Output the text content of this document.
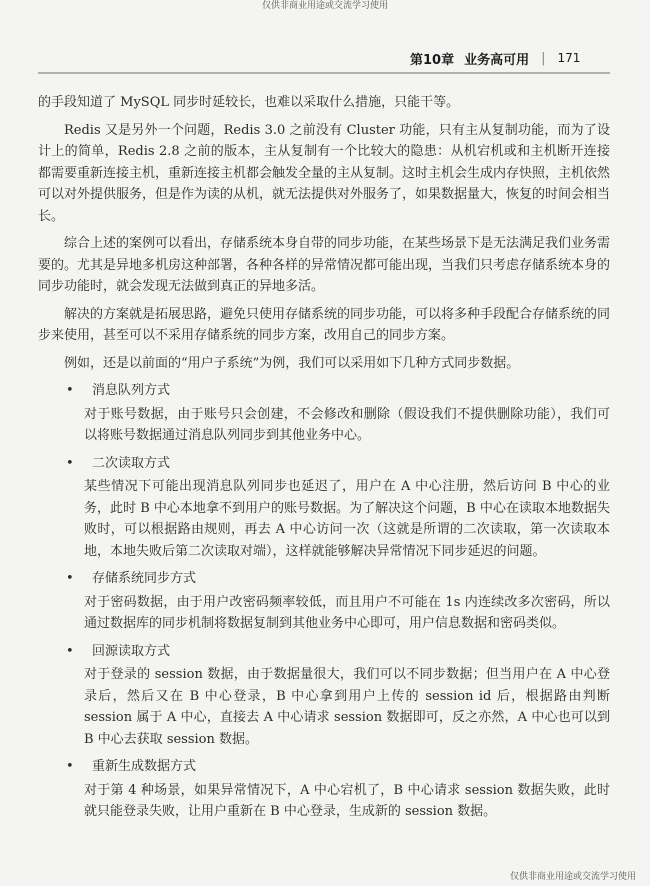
仅供非商业用途或交流学习使用
第10章 业务高可用 | 171

的手段知道了 MySQL 同步时延较长，也难以采取什么措施，只能干等。

Redis 又是另外一个问题，Redis 3.0 之前没有 Cluster 功能，只有主从复制功能，而为了设计上的简单，Redis 2.8 之前的版本，主从复制有一个比较大的隐患：从机宕机或和主机断开连接都需要重新连接主机，重新连接主机都会触发全量的主从复制。这时主机会生成内存快照，主机依然可以对外提供服务，但是作为读的从机，就无法提供对外服务了，如果数据量大，恢复的时间会相当长。

综合上述的案例可以看出，存储系统本身自带的同步功能，在某些场景下是无法满足我们业务需要的。尤其是异地多机房这种部署，各种各样的异常情况都可能出现，当我们只考虑存储系统本身的同步功能时，就会发现无法做到真正的异地多活。

解决的方案就是拓展思路，避免只使用存储系统的同步功能，可以将多种手段配合存储系统的同步来使用，甚至可以不采用存储系统的同步方案，改用自己的同步方案。

例如，还是以前面的“用户子系统”为例，我们可以采用如下几种方式同步数据。

•	消息队列方式
对于账号数据，由于账号只会创建，不会修改和删除（假设我们不提供删除功能），我们可以将账号数据通过消息队列同步到其他业务中心。
•	二次读取方式
某些情况下可能出现消息队列同步也延迟了，用户在 A 中心注册，然后访问 B 中心的业务，此时 B 中心本地拿不到用户的账号数据。为了解决这个问题，B 中心在读取本地数据失败时，可以根据路由规则，再去 A 中心访问一次（这就是所谓的二次读取，第一次读取本地，本地失败后第二次读取对端），这样就能够解决异常情况下同步延迟的问题。
•	存储系统同步方式
对于密码数据，由于用户改密码频率较低，而且用户不可能在 1s 内连续改多次密码，所以通过数据库的同步机制将数据复制到其他业务中心即可，用户信息数据和密码类似。
•	回源读取方式
对于登录的 session 数据，由于数据量很大，我们可以不同步数据；但当用户在 A 中心登录后，然后又在 B 中心登录，B 中心拿到用户上传的 session id 后，根据路由判断 session 属于 A 中心，直接去 A 中心请求 session 数据即可，反之亦然，A 中心也可以到 B 中心去获取 session 数据。
•	重新生成数据方式
对于第 4 种场景，如果异常情况下，A 中心宕机了，B 中心请求 session 数据失败，此时就只能登录失败，让用户重新在 B 中心登录，生成新的 session 数据。
仅供非商业用途或交流学习使用
